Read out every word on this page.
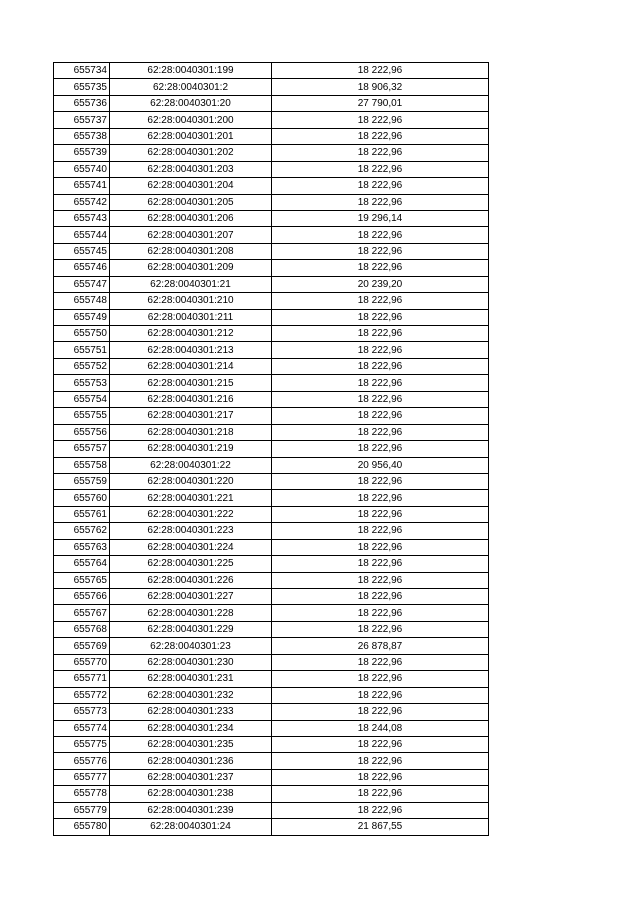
655734	62:28:0040301:199	18 222,96
655735	62:28:0040301:2	18 906,32
655736	62:28:0040301:20	27 790,01
655737	62:28:0040301:200	18 222,96
655738	62:28:0040301:201	18 222,96
655739	62:28:0040301:202	18 222,96
655740	62:28:0040301:203	18 222,96
655741	62:28:0040301:204	18 222,96
655742	62:28:0040301:205	18 222,96
655743	62:28:0040301:206	19 296,14
655744	62:28:0040301:207	18 222,96
655745	62:28:0040301:208	18 222,96
655746	62:28:0040301:209	18 222,96
655747	62:28:0040301:21	20 239,20
655748	62:28:0040301:210	18 222,96
655749	62:28:0040301:211	18 222,96
655750	62:28:0040301:212	18 222,96
655751	62:28:0040301:213	18 222,96
655752	62:28:0040301:214	18 222,96
655753	62:28:0040301:215	18 222,96
655754	62:28:0040301:216	18 222,96
655755	62:28:0040301:217	18 222,96
655756	62:28:0040301:218	18 222,96
655757	62:28:0040301:219	18 222,96
655758	62:28:0040301:22	20 956,40
655759	62:28:0040301:220	18 222,96
655760	62:28:0040301:221	18 222,96
655761	62:28:0040301:222	18 222,96
655762	62:28:0040301:223	18 222,96
655763	62:28:0040301:224	18 222,96
655764	62:28:0040301:225	18 222,96
655765	62:28:0040301:226	18 222,96
655766	62:28:0040301:227	18 222,96
655767	62:28:0040301:228	18 222,96
655768	62:28:0040301:229	18 222,96
655769	62:28:0040301:23	26 878,87
655770	62:28:0040301:230	18 222,96
655771	62:28:0040301:231	18 222,96
655772	62:28:0040301:232	18 222,96
655773	62:28:0040301:233	18 222,96
655774	62:28:0040301:234	18 244,08
655775	62:28:0040301:235	18 222,96
655776	62:28:0040301:236	18 222,96
655777	62:28:0040301:237	18 222,96
655778	62:28:0040301:238	18 222,96
655779	62:28:0040301:239	18 222,96
655780	62:28:0040301:24	21 867,55
